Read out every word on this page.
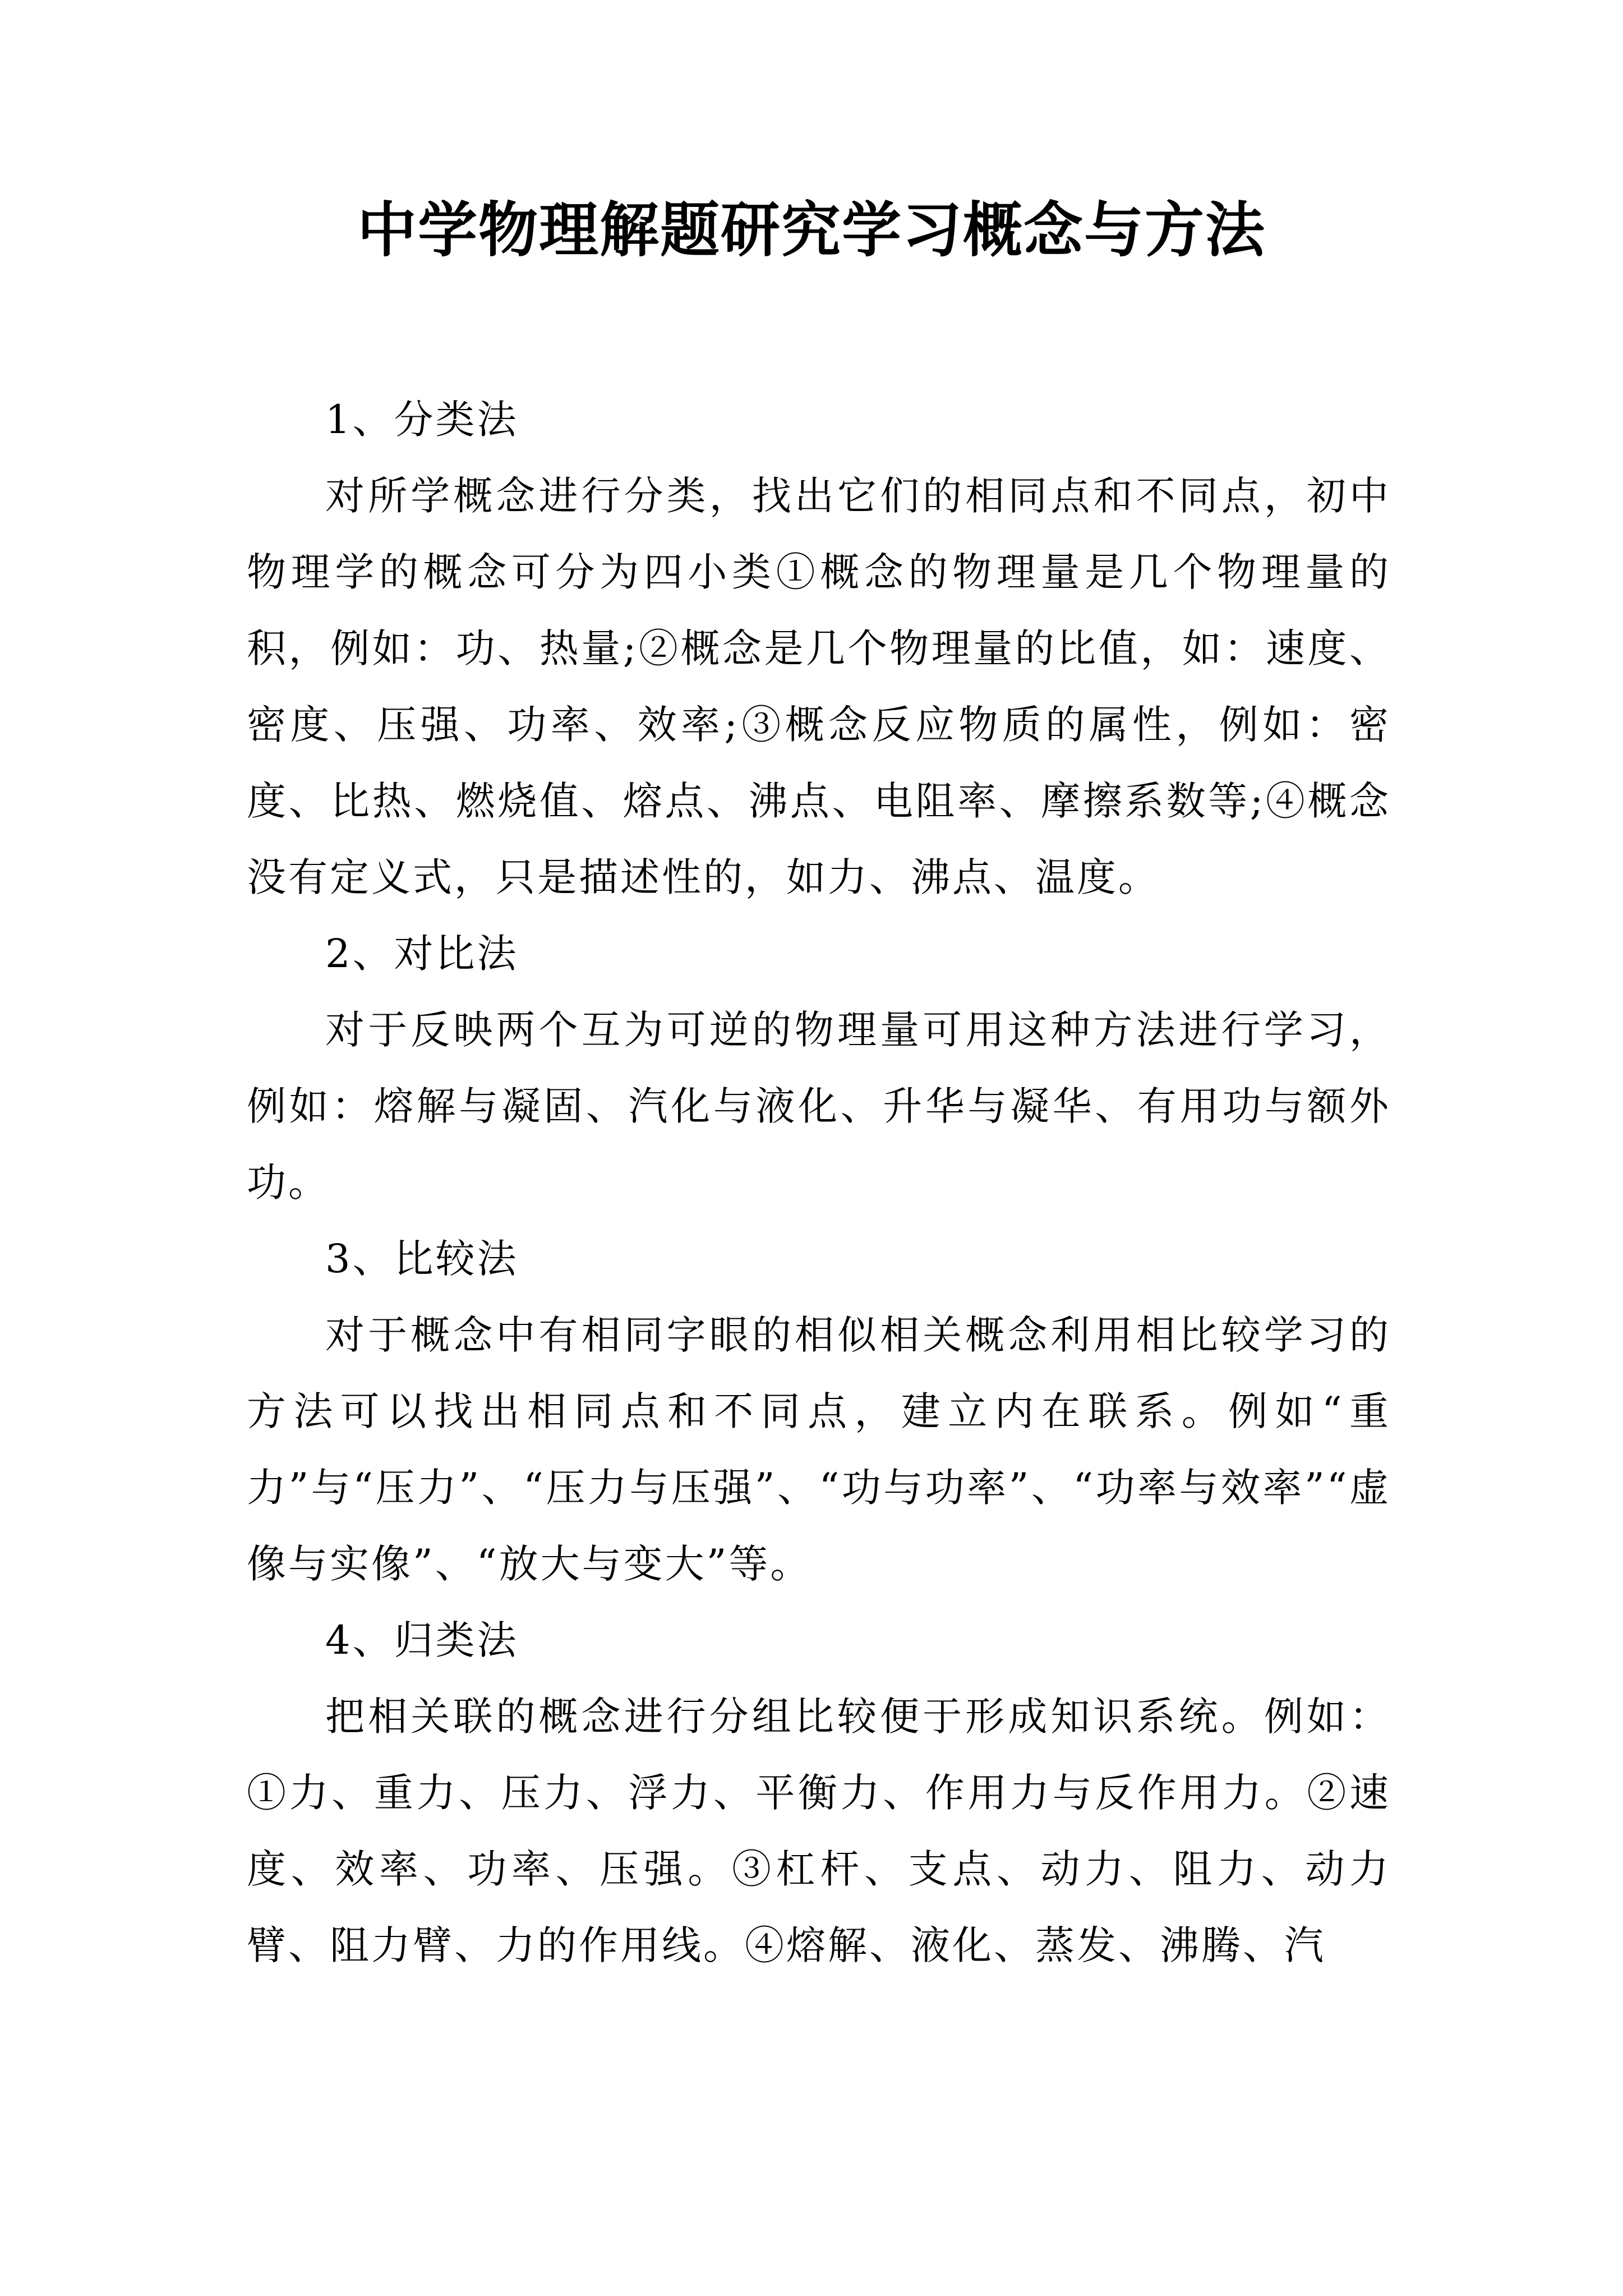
中学物理解题研究学习概念与方法

1、分类法

对所学概念进行分类，找出它们的相同点和不同点，初中物理学的概念可分为四小类①概念的物理量是几个物理量的积，例如：功、热量;②概念是几个物理量的比值，如：速度、密度、压强、功率、效率;③概念反应物质的属性，例如：密度、比热、燃烧值、熔点、沸点、电阻率、摩擦系数等;④概念没有定义式，只是描述性的，如力、沸点、温度。

2、对比法

对于反映两个互为可逆的物理量可用这种方法进行学习，例如：熔解与凝固、汽化与液化、升华与凝华、有用功与额外功。

3、比较法

对于概念中有相同字眼的相似相关概念利用相比较学习的方法可以找出相同点和不同点，建立内在联系。例如“重力”与“压力”、“压力与压强”、“功与功率”、“功率与效率”“虚像与实像”、“放大与变大”等。

4、归类法

把相关联的概念进行分组比较便于形成知识系统。例如：①力、重力、压力、浮力、平衡力、作用力与反作用力。②速度、效率、功率、压强。③杠杆、支点、动力、阻力、动力臂、阻力臂、力的作用线。④熔解、液化、蒸发、沸腾、汽
